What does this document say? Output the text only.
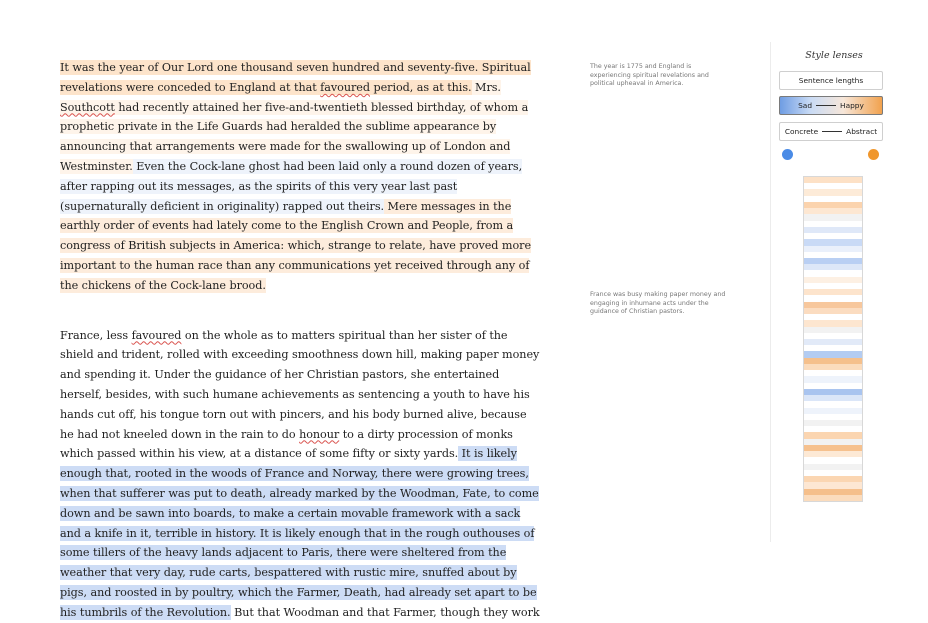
It was the year of Our Lord one thousand seven hundred and seventy-five. Spiritual revelations were conceded to England at that favoured period, as at this. Mrs. Southcott had recently attained her five-and-twentieth blessed birthday, of whom a prophetic private in the Life Guards had heralded the sublime appearance by announcing that arrangements were made for the swallowing up of London and Westminster. Even the Cock-lane ghost had been laid only a round dozen of years, after rapping out its messages, as the spirits of this very year last past (supernaturally deficient in originality) rapped out theirs. Mere messages in the earthly order of events had lately come to the English Crown and People, from a congress of British subjects in America: which, strange to relate, have proved more important to the human race than any communications yet received through any of the chickens of the Cock-lane brood.

France, less favoured on the whole as to matters spiritual than her sister of the shield and trident, rolled with exceeding smoothness down hill, making paper money and spending it. Under the guidance of her Christian pastors, she entertained herself, besides, with such humane achievements as sentencing a youth to have his hands cut off, his tongue torn out with pincers, and his body burned alive, because he had not kneeled down in the rain to do honour to a dirty procession of monks which passed within his view, at a distance of some fifty or sixty yards. It is likely enough that, rooted in the woods of France and Norway, there were growing trees, when that sufferer was put to death, already marked by the Woodman, Fate, to come down and be sawn into boards, to make a certain movable framework with a sack and a knife in it, terrible in history. It is likely enough that in the rough outhouses of some tillers of the heavy lands adjacent to Paris, there were sheltered from the weather that very day, rude carts, bespattered with rustic mire, snuffed about by pigs, and roosted in by poultry, which the Farmer, Death, had already set apart to be his tumbrils of the Revolution. But that Woodman and that Farmer, though they work

The year is 1775 and England is experiencing spiritual revelations and political upheaval in America.
France was busy making paper money and engaging in inhumane acts under the guidance of Christian pastors.
Style lenses
Sentence lengths
Sad	Happy
Concrete	Abstract
